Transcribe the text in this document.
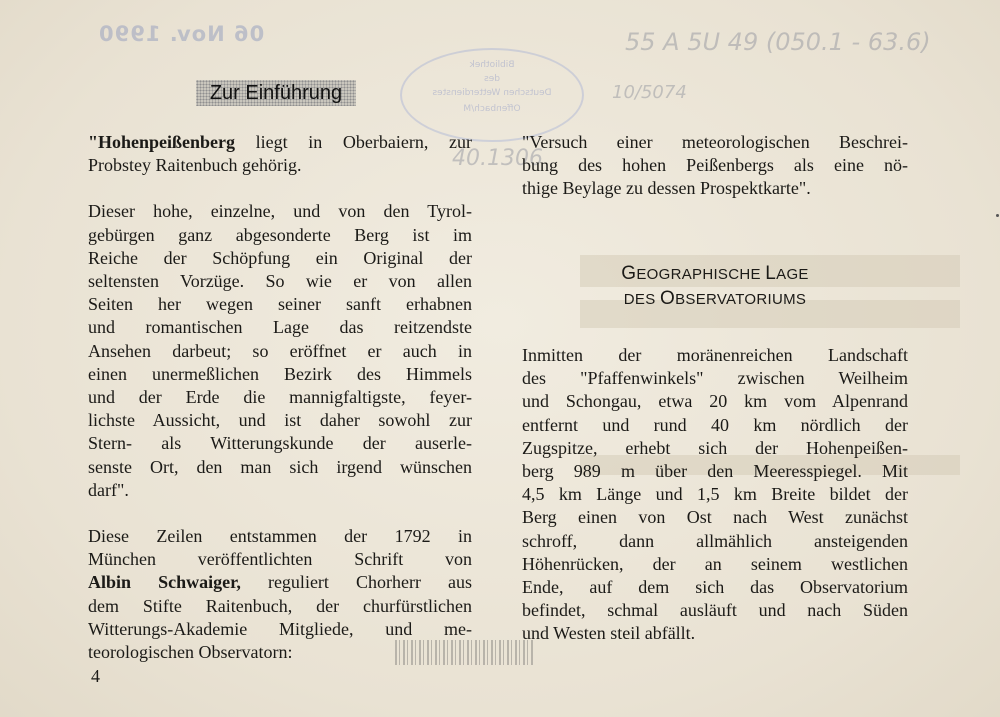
06 Nov. 1990
Bibliothek
des
Deutschen Wetterdienstes
Offenbach/M
10/5074
40.1306
55 A 5U 49 (050.1 - 63.6)
Zur Einführung

"Hohenpeißenberg liegt in Oberbaiern, zur
Probstey Raitenbuch gehörig.

Dieser hohe, einzelne, und von den Tyrol-
gebürgen ganz abgesonderte Berg ist im
Reiche der Schöpfung ein Original der
seltensten Vorzüge. So wie er von allen
Seiten her wegen seiner sanft erhabnen
und romantischen Lage das reitzendste
Ansehen darbeut; so eröffnet er auch in
einen unermeßlichen Bezirk des Himmels
und der Erde die mannigfaltigste, feyer-
lichste Aussicht, und ist daher sowohl zur
Stern- als Witterungskunde der auserle-
senste Ort, den man sich irgend wünschen
darf".

Diese Zeilen entstammen der 1792 in
München veröffentlichten Schrift von
Albin Schwaiger, reguliert Chorherr aus
dem Stifte Raitenbuch, der churfürstlichen
Witterungs-Akademie Mitgliede, und me-
teorologischen Observatorn:

"Versuch einer meteorologischen Beschrei-
bung des hohen Peißenbergs als eine nö-
thige Beylage zu dessen Prospektkarte".

GEOGRAPHISCHE LAGE
DES OBSERVATORIUMS

Inmitten der moränenreichen Landschaft
des "Pfaffenwinkels" zwischen Weilheim
und Schongau, etwa 20 km vom Alpenrand
entfernt und rund 40 km nördlich der
Zugspitze, erhebt sich der Hohenpeißen-
berg 989 m über den Meeresspiegel. Mit
4,5 km Länge und 1,5 km Breite bildet der
Berg einen von Ost nach West zunächst
schroff, dann allmählich ansteigenden
Höhenrücken, der an seinem westlichen
Ende, auf dem sich das Observatorium
befindet, schmal ausläuft und nach Süden
und Westen steil abfällt.

4
